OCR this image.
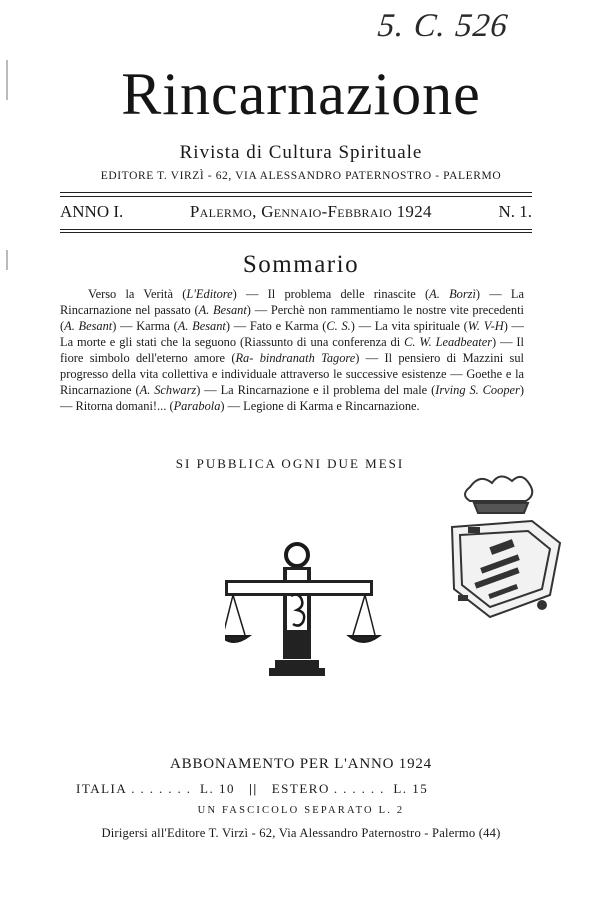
5. C. 526
Rincarnazione
Rivista di Cultura Spirituale
EDITORE T. VIRZÌ - 62, VIA ALESSANDRO PATERNOSTRO - PALERMO
ANNO I.	Palermo, Gennaio-Febbraio 1924	N. 1.
Sommario
Verso la Verità (L'Editore) — Il problema delle rinascite (A. Borzì) — La Rincarnazione nel passato (A. Besant) — Perchè non rammentiamo le nostre vite precedenti (A. Besant) — Karma (A. Besant) — Fato e Karma (C. S.) — La vita spirituale (W. V-H) — La morte e gli stati che la seguono (Riassunto di una conferenza di C. W. Leadbeater) — Il fiore simbolo dell'eterno amore (Ra- bindranath Tagore) — Il pensiero di Mazzini sul progresso della vita collettiva e individuale attraverso le successive esistenze — Goethe e la Rincarnazione (A. Schwarz) — La Rincarnazione e il problema del male (Irving S. Cooper) — Ritorna domani!... (Parabola) — Legione di Karma e Rincarnazione.
SI PUBBLICA OGNI DUE MESI
ABBONAMENTO PER L'ANNO 1924
ITALIA ....... L. 10 || ESTERO ...... L. 15
UN FASCICOLO SEPARATO L. 2
Dirigersi all'Editore T. Virzì - 62, Via Alessandro Paternostro - Palermo (44)
